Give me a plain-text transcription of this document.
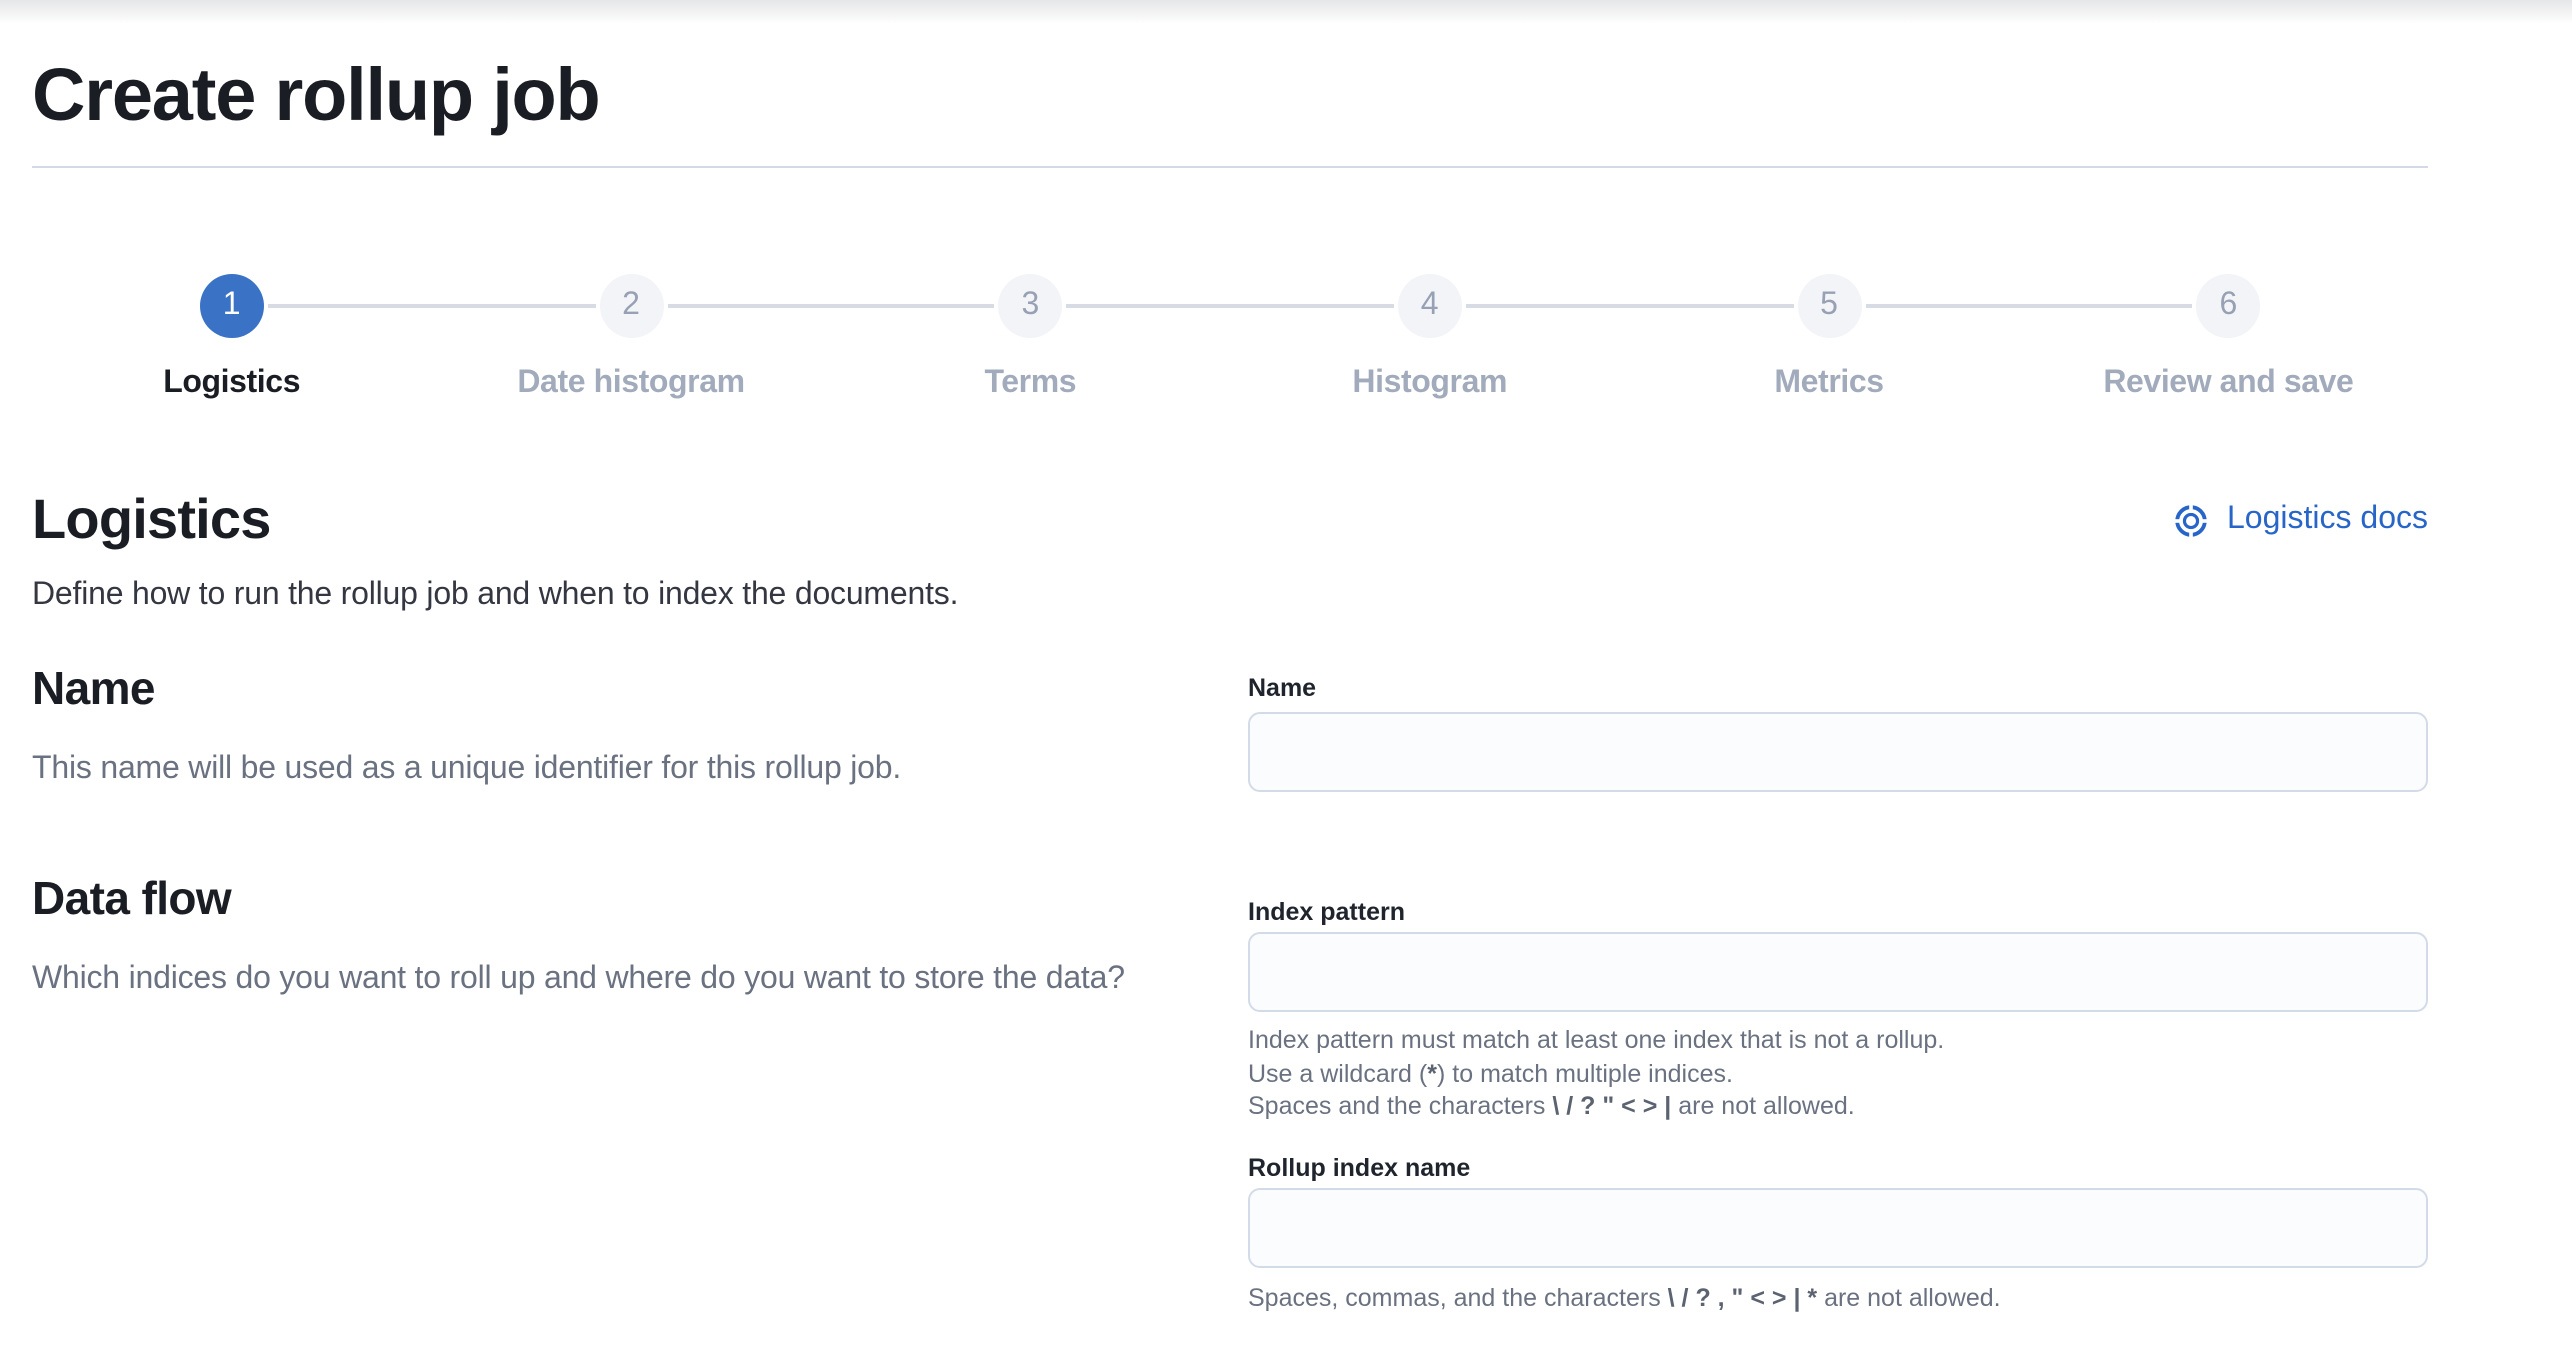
Create rollup job
1
Logistics
2
Date histogram
3
Terms
4
Histogram
5
Metrics
6
Review and save
Logistics	Logistics docs

Define how to run the rollup job and when to index the documents.

Name

This name will be used as a unique identifier for this rollup job.

Name
Data flow

Which indices do you want to roll up and where do you want to store the data?

Index pattern
Index pattern must match at least one index that is not a rollup.
Use a wildcard (*) to match multiple indices.
Spaces and the characters \ / ? " < > | are not allowed.
Rollup index name
Spaces, commas, and the characters \ / ? , " < > | * are not allowed.
